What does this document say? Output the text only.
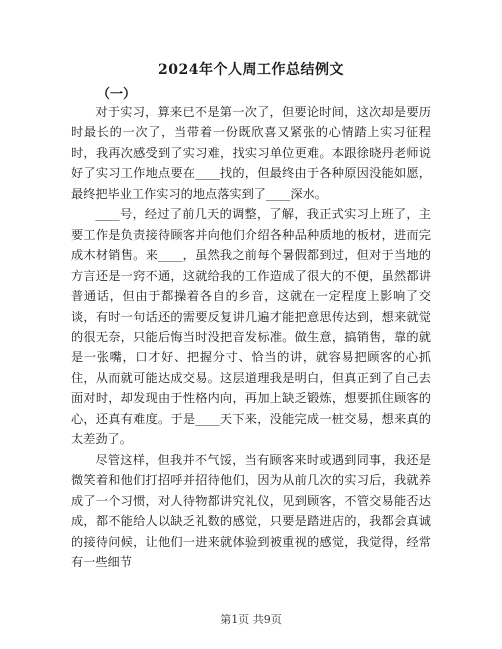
2024年个人周工作总结例文
（一）

对于实习，算来已不是第一次了，但要论时间，这次却是要历时最长的一次了，当带着一份既欣喜又紧张的心情踏上实习征程时，我再次感受到了实习难，找实习单位更难。本跟徐晓丹老师说好了实习工作地点要在____找的，但最终由于各种原因没能如愿，最终把毕业工作实习的地点落实到了____深水。

____号，经过了前几天的调整，了解，我正式实习上班了，主要工作是负责接待顾客并向他们介绍各种品种质地的板材，进而完成木材销售。来____，虽然我之前每个暑假都到过，但对于当地的方言还是一窍不通，这就给我的工作造成了很大的不便，虽然都讲普通话，但由于都操着各自的乡音，这就在一定程度上影响了交谈，有时一句话还的需要反复讲几遍才能把意思传达到，想来就觉的很无奈，只能后悔当时没把音发标准。做生意，搞销售，靠的就是一张嘴，口才好、把握分寸、恰当的讲，就容易把顾客的心抓住，从而就可能达成交易。这层道理我是明白，但真正到了自己去面对时，却发现由于性格内向，再加上缺乏锻炼，想要抓住顾客的心，还真有难度。于是____天下来，没能完成一桩交易，想来真的太差劲了。

尽管这样，但我并不气馁，当有顾客来时或遇到同事，我还是微笑着和他们打招呼并招待他们，因为从前几次的实习后，我就养成了一个习惯，对人待物都讲究礼仪，见到顾客，不管交易能否达成，都不能给人以缺乏礼数的感觉，只要是踏进店的，我都会真诚的接待问候，让他们一进来就体验到被重视的感觉，我觉得，经常有一些细节

第1页 共9页
